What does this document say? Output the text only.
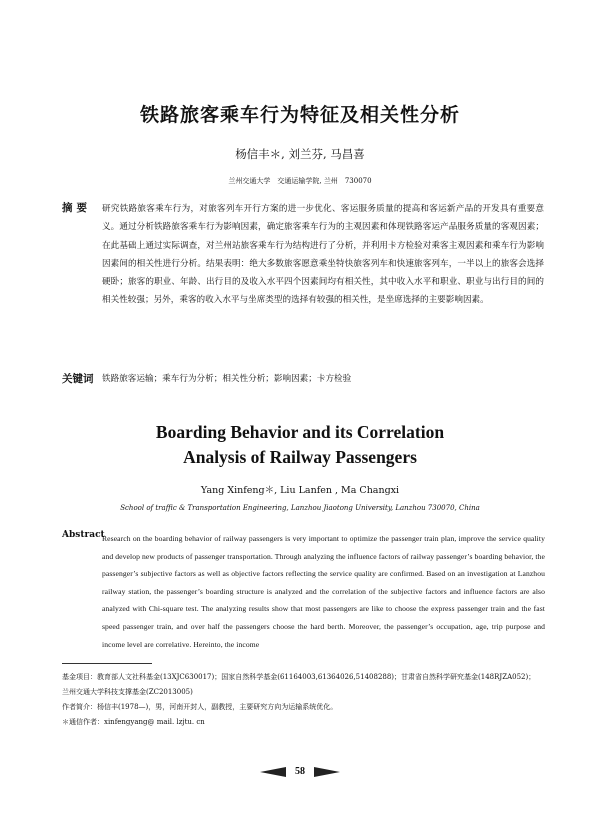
铁路旅客乘车行为特征及相关性分析
杨信丰＊, 刘兰芬, 马昌喜
兰州交通大学　交通运输学院, 兰州　730070
摘要 研究铁路旅客乘车行为，对旅客列车开行方案的进一步优化、客运服务质量的提高和客运新产品的开发具有重要意义。通过分析铁路旅客乘车行为影响因素，确定旅客乘车行为的主观因素和体现铁路客运产品服务质量的客观因素；在此基础上通过实际调查，对兰州站旅客乘车行为结构进行了分析，并利用卡方检验对乘客主观因素和乘车行为影响因素间的相关性进行分析。结果表明：绝大多数旅客愿意乘坐特快旅客列车和快速旅客列车，一半以上的旅客会选择硬卧；旅客的职业、年龄、出行目的及收入水平四个因素间均有相关性，其中收入水平和职业、职业与出行目的间的相关性较强；另外，乘客的收入水平与坐席类型的选择有较强的相关性，是坐席选择的主要影响因素。
关键词 铁路旅客运输；乘车行为分析；相关性分析；影响因素；卡方检验
Boarding Behavior and its Correlation
Analysis of Railway Passengers
Yang Xinfeng＊, Liu Lanfen , Ma Changxi
School of traffic & Transportation Engineering, Lanzhou Jiaotong University, Lanzhou 730070, China
Abstract
Research on the boarding behavior of railway passengers is very important to optimize the passenger train plan, improve the service quality and develop new products of passenger transportation. Through analyzing the influence factors of railway passenger’s boarding behavior, the passenger’s subjective factors as well as objective factors reflecting the service quality are confirmed. Based on an investigation at Lanzhou railway station, the passenger’s boarding structure is analyzed and the correlation of the subjective factors and influence factors are also analyzed with Chi-square test. The analyzing results show that most passengers are like to choose the express passenger train and the fast speed passenger train, and over half the passengers choose the hard berth. Moreover, the passenger’s occupation, age, trip purpose and income level are correlative. Hereinto, the income

基金项目：教育部人文社科基金(13XJC630017)；国家自然科学基金(61164003,61364026,51408288)；甘肃省自然科学研究基金(148RJZA052)；兰州交通大学科技支撑基金(ZC2013005)

作者简介：杨信丰(1978—)，男，河南开封人，副教授，主要研究方向为运输系统优化。

＊通信作者：xinfengyang@ mail. lzjtu. cn

58
